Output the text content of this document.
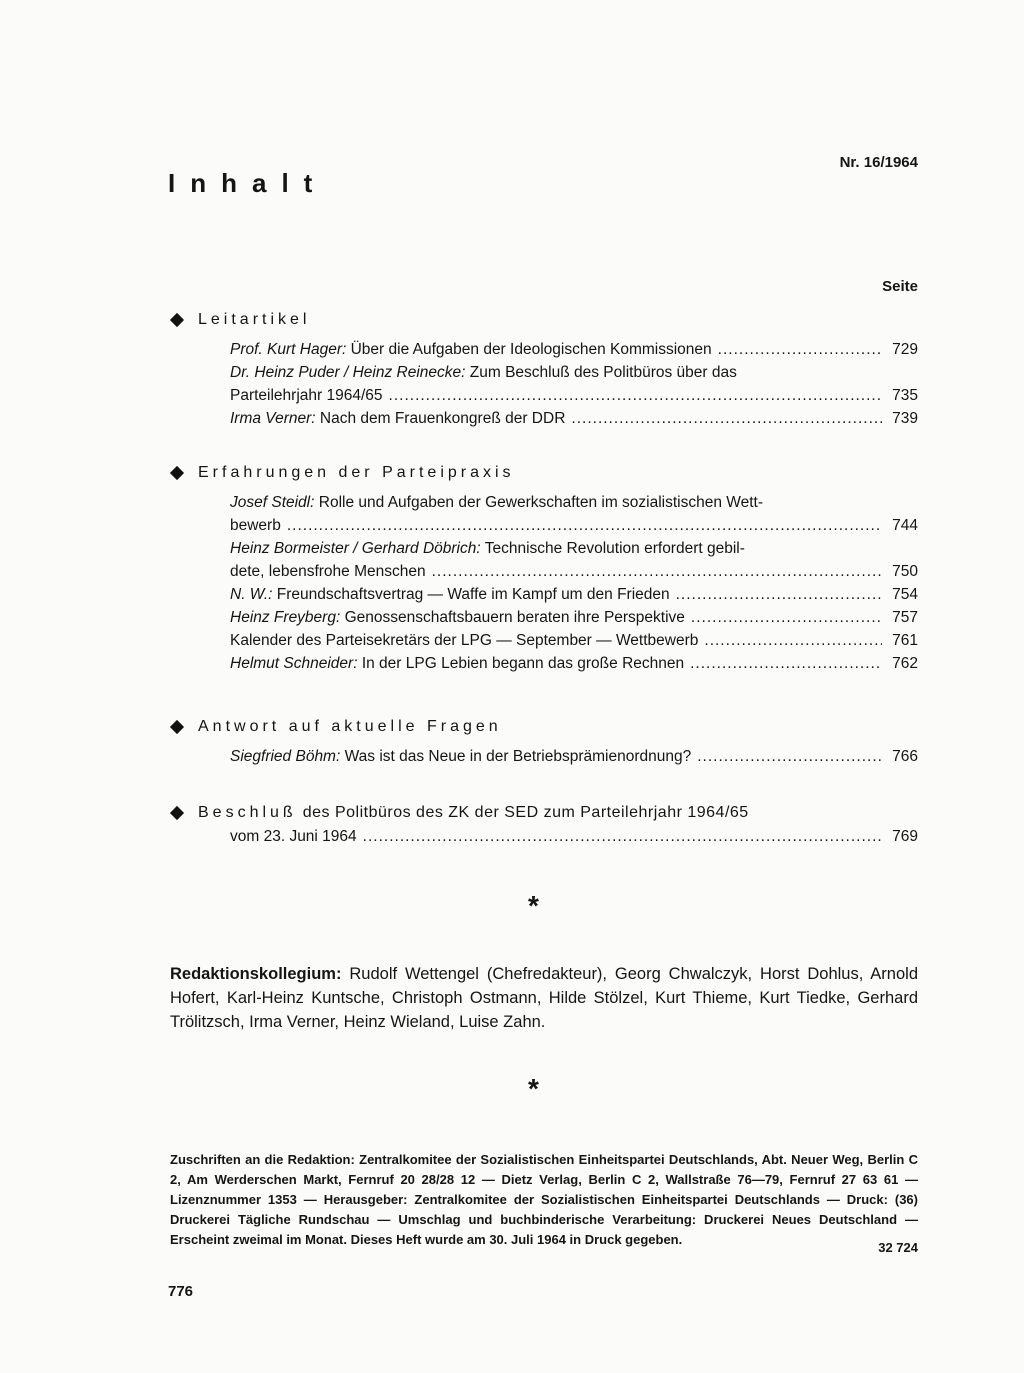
Inhalt
Nr. 16/1964
Seite
Leitartikel
Prof. Kurt Hager: Über die Aufgaben der Ideologischen Kommissionen .....	729
Dr. Heinz Puder / Heinz Reinecke: Zum Beschluß des Politbüros über das
Parteilehrjahr 1964/65 .....	735
Irma Verner: Nach dem Frauenkongreß der DDR .....	739
Erfahrungen der Parteipraxis
Josef Steidl: Rolle und Aufgaben der Gewerkschaften im sozialistischen Wett-
bewerb .....	744
Heinz Bormeister / Gerhard Döbrich: Technische Revolution erfordert gebil-
dete, lebensfrohe Menschen .....	750
N. W.: Freundschaftsvertrag — Waffe im Kampf um den Frieden .....	754
Heinz Freyberg: Genossenschaftsbauern beraten ihre Perspektive .....	757
Kalender des Parteisekretärs der LPG — September — Wettbewerb .....	761
Helmut Schneider: In der LPG Lebien begann das große Rechnen .....	762
Antwort auf aktuelle Fragen
Siegfried Böhm: Was ist das Neue in der Betriebsprämienordnung? .....	766
Beschluß des Politbüros des ZK der SED zum Parteilehrjahr 1964/65
vom 23. Juni 1964 .....	769
*
Redaktionskollegium: Rudolf Wettengel (Chefredakteur), Georg Chwalczyk, Horst Dohlus, Arnold Hofert, Karl-Heinz Kuntsche, Christoph Ostmann, Hilde Stölzel, Kurt Thieme, Kurt Tiedke, Gerhard Trölitzsch, Irma Verner, Heinz Wieland, Luise Zahn.
*
Zuschriften an die Redaktion: Zentralkomitee der Sozialistischen Einheitspartei Deutschlands, Abt. Neuer Weg, Berlin C 2, Am Werderschen Markt, Fernruf 20 28/28 12 — Dietz Verlag, Berlin C 2, Wallstraße 76—79, Fernruf 27 63 61 — Lizenznummer 1353 — Herausgeber: Zentralkomitee der Sozialistischen Einheitspartei Deutschlands — Druck: (36) Druckerei Tägliche Rundschau — Umschlag und buchbinderische Verarbeitung: Druckerei Neues Deutschland — Erscheint zweimal im Monat. Dieses Heft wurde am 30. Juli 1964 in Druck gegeben.
32 724
776
